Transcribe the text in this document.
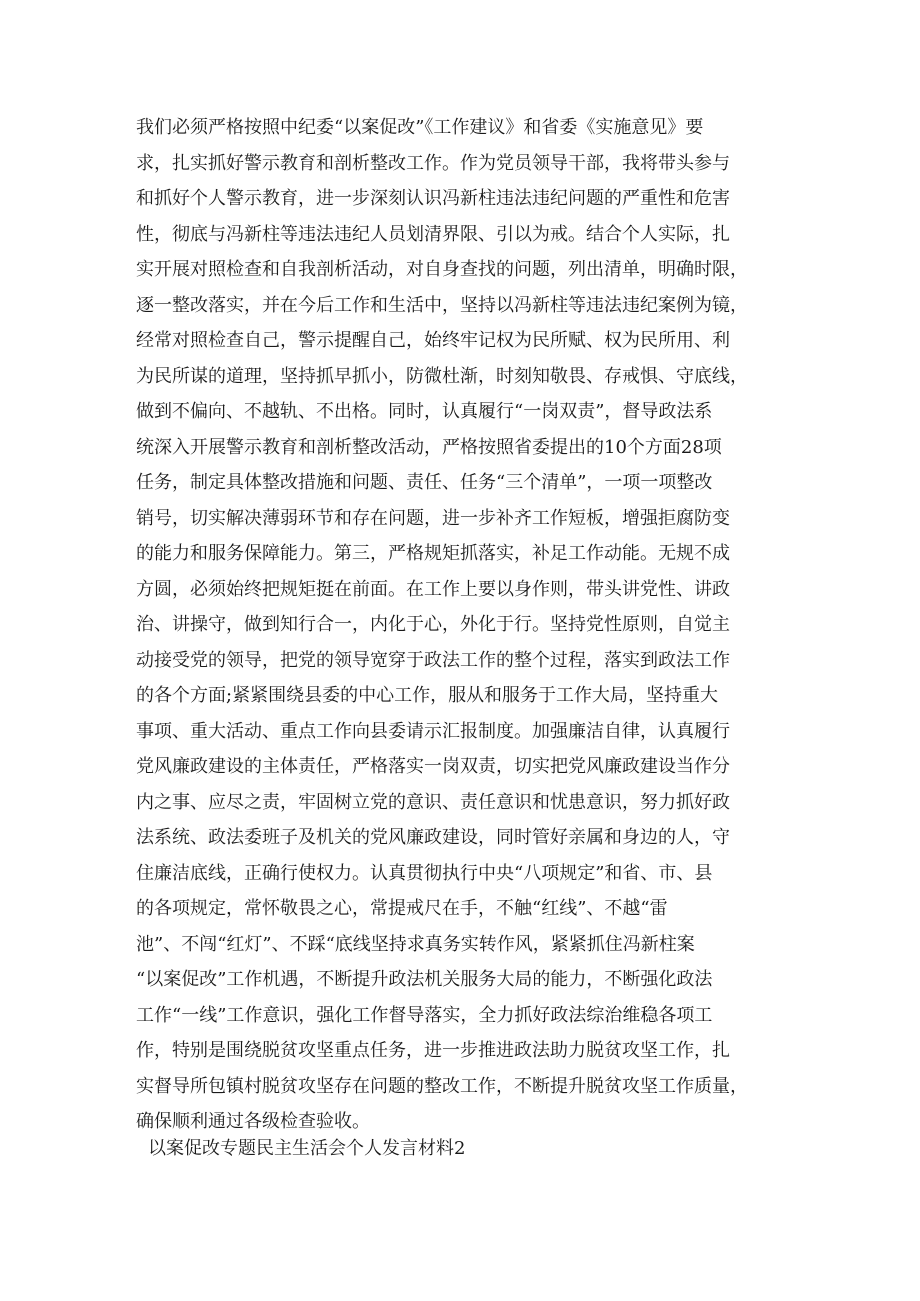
我们必须严格按照中纪委“以案促改”《工作建议》和省委《实施意见》要
求，扎实抓好警示教育和剖析整改工作。作为党员领导干部，我将带头参与
和抓好个人警示教育，进一步深刻认识冯新柱违法违纪问题的严重性和危害
性，彻底与冯新柱等违法违纪人员划清界限、引以为戒。结合个人实际，扎
实开展对照检查和自我剖析活动，对自身查找的问题，列出清单，明确时限，
逐一整改落实，并在今后工作和生活中，坚持以冯新柱等违法违纪案例为镜，
经常对照检查自己，警示提醒自己，始终牢记权为民所赋、权为民所用、利
为民所谋的道理，坚持抓早抓小，防微杜渐，时刻知敬畏、存戒惧、守底线，
做到不偏向、不越轨、不出格。同时，认真履行“一岗双责”，督导政法系
统深入开展警示教育和剖析整改活动，严格按照省委提出的10个方面28项
任务，制定具体整改措施和问题、责任、任务“三个清单”，一项一项整改
销号，切实解决薄弱环节和存在问题，进一步补齐工作短板，增强拒腐防变
的能力和服务保障能力。第三，严格规矩抓落实，补足工作动能。无规不成
方圆，必须始终把规矩挺在前面。在工作上要以身作则，带头讲党性、讲政
治、讲操守，做到知行合一，内化于心，外化于行。坚持党性原则，自觉主
动接受党的领导，把党的领导宽穿于政法工作的整个过程，落实到政法工作
的各个方面;紧紧围绕县委的中心工作，服从和服务于工作大局，坚持重大
事项、重大活动、重点工作向县委请示汇报制度。加强廉洁自律，认真履行
党风廉政建设的主体责任，严格落实一岗双责，切实把党风廉政建设当作分
内之事、应尽之责，牢固树立党的意识、责任意识和忧患意识，努力抓好政
法系统、政法委班子及机关的党风廉政建设，同时管好亲属和身边的人，守
住廉洁底线，正确行使权力。认真贯彻执行中央“八项规定”和省、市、县
的各项规定，常怀敬畏之心，常提戒尺在手，不触“红线”、不越“雷
池”、不闯“红灯”、不踩“底线坚持求真务实转作风，紧紧抓住冯新柱案
“以案促改”工作机遇，不断提升政法机关服务大局的能力，不断强化政法
工作“一线”工作意识，强化工作督导落实，全力抓好政法综治维稳各项工
作，特别是围绕脱贫攻坚重点任务，进一步推进政法助力脱贫攻坚工作，扎
实督导所包镇村脱贫攻坚存在问题的整改工作，不断提升脱贫攻坚工作质量，
确保顺利通过各级检查验收。
以案促改专题民主生活会个人发言材料2
